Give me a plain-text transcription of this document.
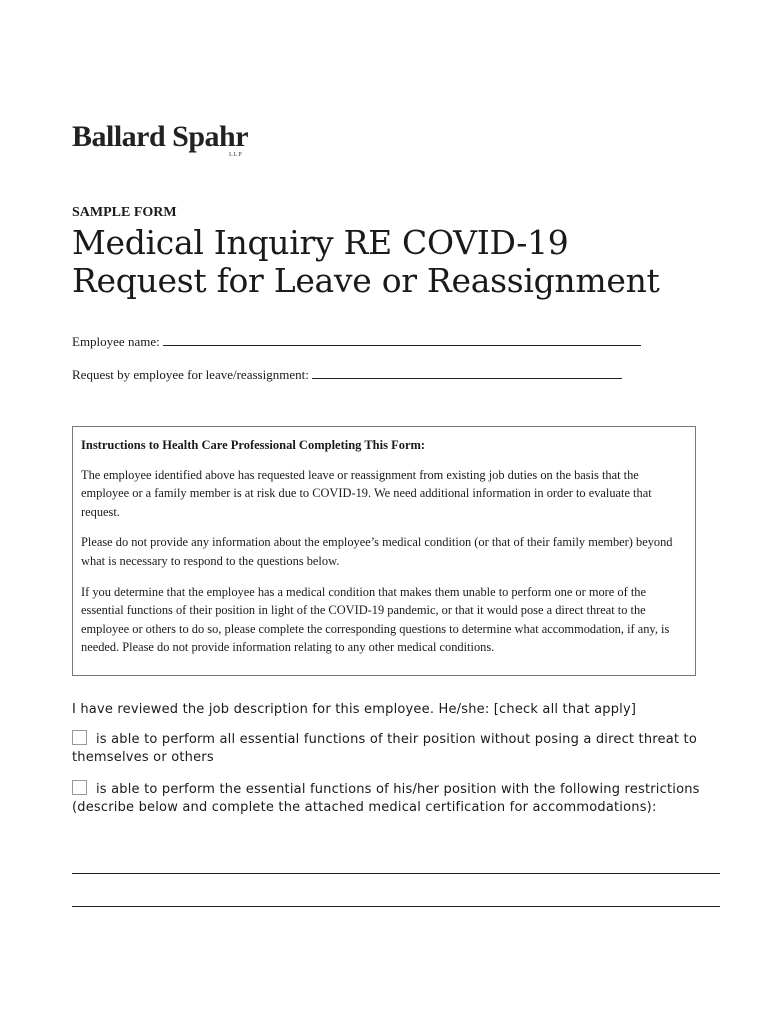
Ballard Spahr
LLP
SAMPLE FORM
Medical Inquiry RE COVID-19
Request for Leave or Reassignment
Employee name:
Request by employee for leave/reassignment:
Instructions to Health Care Professional Completing This Form:

The employee identified above has requested leave or reassignment from existing job duties on the basis that the employee or a family member is at risk due to COVID-19. We need additional information in order to evaluate that request.

Please do not provide any information about the employee’s medical condition (or that of their family member) beyond what is necessary to respond to the questions below.

If you determine that the employee has a medical condition that makes them unable to perform one or more of the essential functions of their position in light of the COVID-19 pandemic, or that it would pose a direct threat to the employee or others to do so, please complete the corresponding questions to determine what accommodation, if any, is needed. Please do not provide information relating to any other medical conditions.

I have reviewed the job description for this employee. He/she: [check all that apply]
is able to perform all essential functions of their position without posing a direct threat to themselves or others
is able to perform the essential functions of his/her position with the following restrictions (describe below and complete the attached medical certification for accommodations):
